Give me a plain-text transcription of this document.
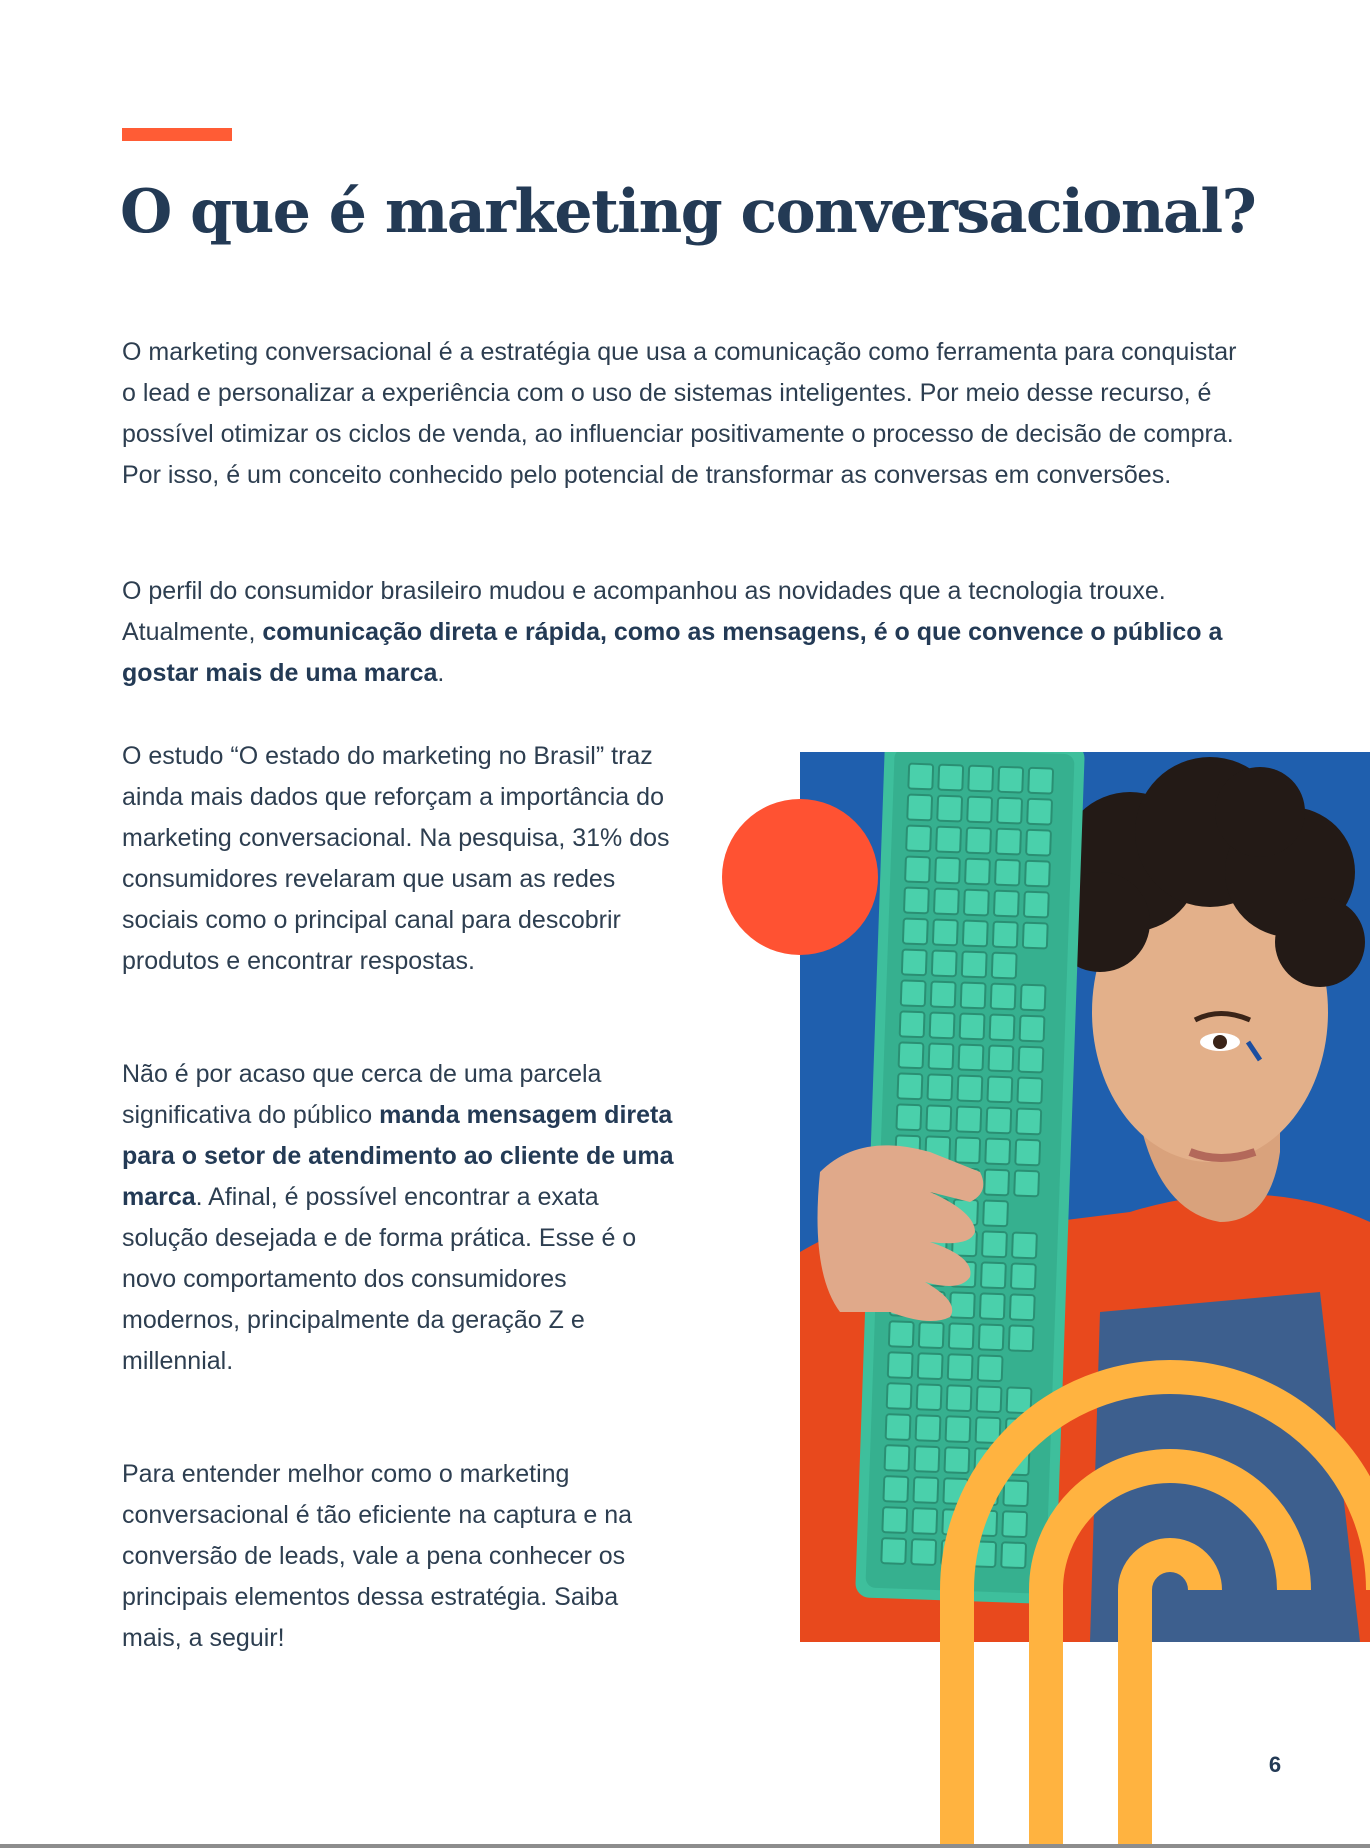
O que é marketing conversacional?

O marketing conversacional é a estratégia que usa a comunicação como ferramenta para conquistar o lead e personalizar a experiência com o uso de sistemas inteligentes. Por meio desse recurso, é possível otimizar os ciclos de venda, ao influenciar positivamente o processo de decisão de compra. Por isso, é um conceito conhecido pelo potencial de transformar as conversas em conversões.

O perfil do consumidor brasileiro mudou e acompanhou as novidades que a tecnologia trouxe. Atualmente, comunicação direta e rápida, como as mensagens, é o que convence o público a gostar mais de uma marca.

O estudo “O estado do marketing no Brasil” traz ainda mais dados que reforçam a importância do marketing conversacional. Na pesquisa, 31% dos consumidores revelaram que usam as redes sociais como o principal canal para descobrir produtos e encontrar respostas.

Não é por acaso que cerca de uma parcela significativa do público manda mensagem direta para o setor de atendimento ao cliente de uma marca. Afinal, é possível encontrar a exata solução desejada e de forma prática. Esse é o novo comportamento dos consumidores modernos, principalmente da geração Z e millennial.

Para entender melhor como o marketing conversacional é tão eficiente na captura e na conversão de leads, vale a pena conhecer os principais elementos dessa estratégia. Saiba mais, a seguir!

6
